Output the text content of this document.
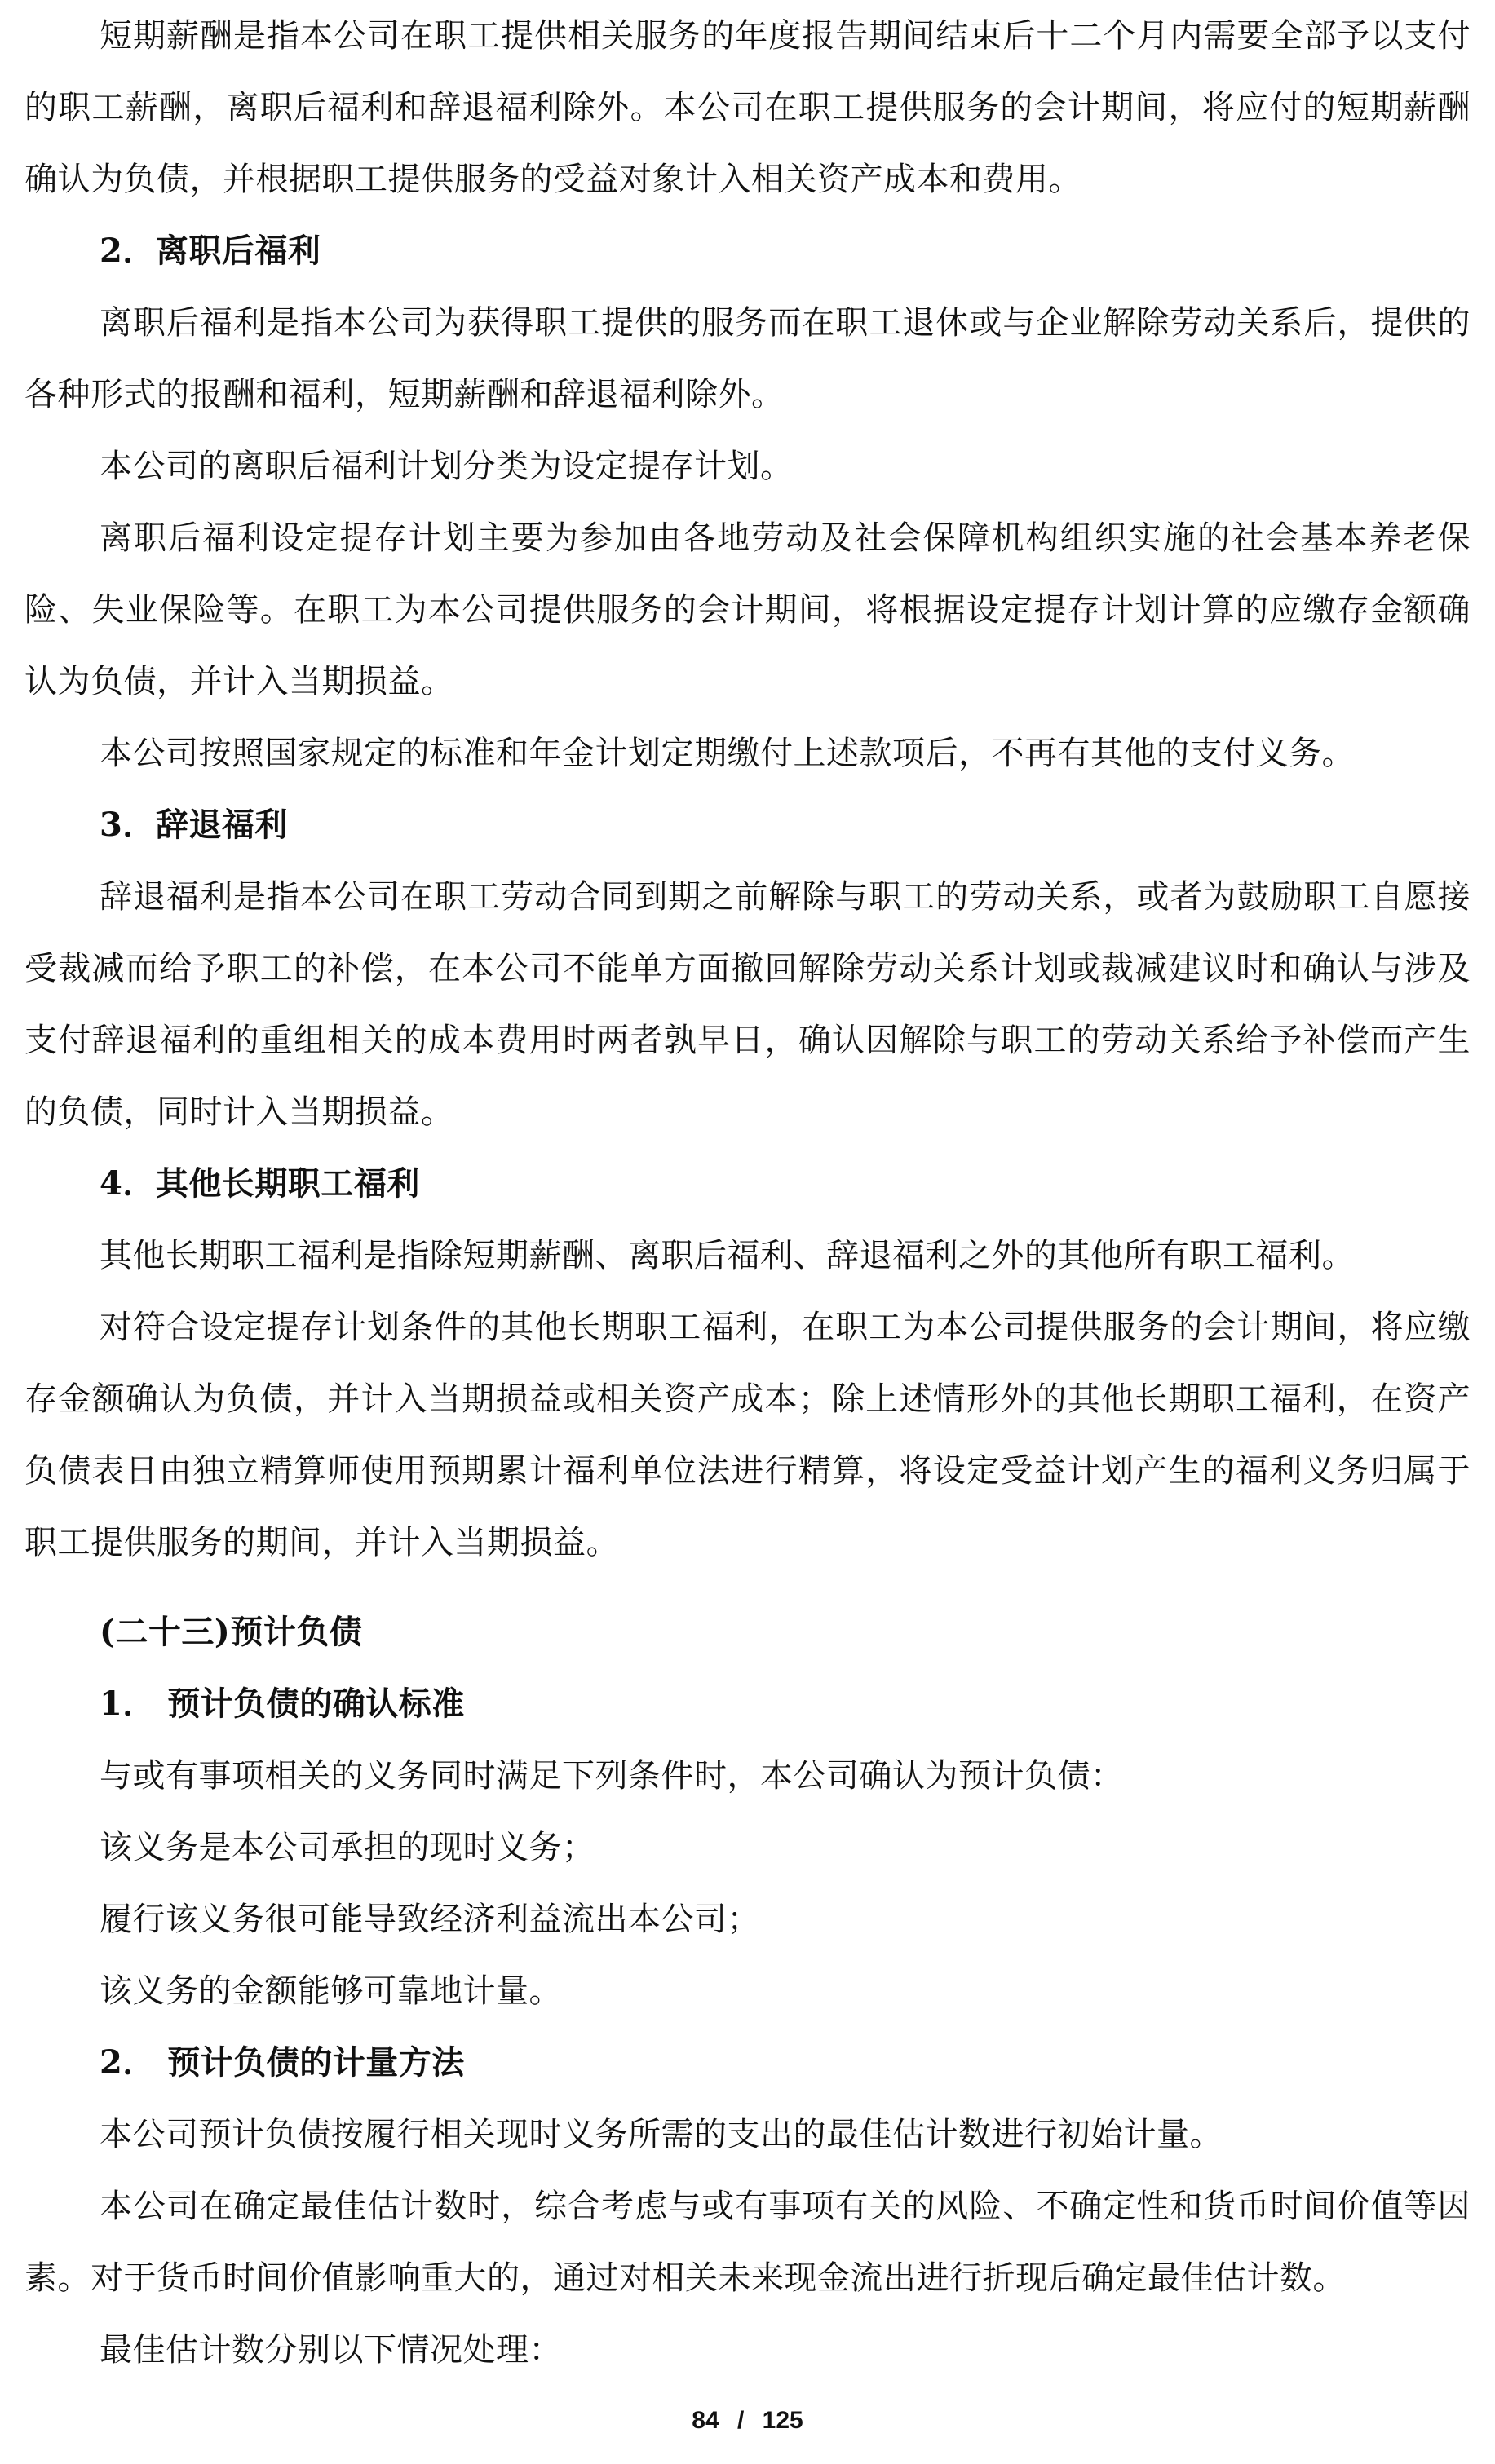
短期薪酬是指本公司在职工提供相关服务的年度报告期间结束后十二个月内需要全部予以支付的职工薪酬，离职后福利和辞退福利除外。本公司在职工提供服务的会计期间，将应付的短期薪酬确认为负债，并根据职工提供服务的受益对象计入相关资产成本和费用。

2．离职后福利

离职后福利是指本公司为获得职工提供的服务而在职工退休或与企业解除劳动关系后，提供的各种形式的报酬和福利，短期薪酬和辞退福利除外。

本公司的离职后福利计划分类为设定提存计划。

离职后福利设定提存计划主要为参加由各地劳动及社会保障机构组织实施的社会基本养老保险、失业保险等。在职工为本公司提供服务的会计期间，将根据设定提存计划计算的应缴存金额确认为负债，并计入当期损益。

本公司按照国家规定的标准和年金计划定期缴付上述款项后，不再有其他的支付义务。

3．辞退福利

辞退福利是指本公司在职工劳动合同到期之前解除与职工的劳动关系，或者为鼓励职工自愿接受裁减而给予职工的补偿，在本公司不能单方面撤回解除劳动关系计划或裁减建议时和确认与涉及支付辞退福利的重组相关的成本费用时两者孰早日，确认因解除与职工的劳动关系给予补偿而产生的负债，同时计入当期损益。

4．其他长期职工福利

其他长期职工福利是指除短期薪酬、离职后福利、辞退福利之外的其他所有职工福利。

对符合设定提存计划条件的其他长期职工福利，在职工为本公司提供服务的会计期间，将应缴存金额确认为负债，并计入当期损益或相关资产成本；除上述情形外的其他长期职工福利，在资产负债表日由独立精算师使用预期累计福利单位法进行精算，将设定受益计划产生的福利义务归属于职工提供服务的期间，并计入当期损益。

(二十三)预计负债

1． 预计负债的确认标准

与或有事项相关的义务同时满足下列条件时，本公司确认为预计负债：

该义务是本公司承担的现时义务；

履行该义务很可能导致经济利益流出本公司；

该义务的金额能够可靠地计量。

2． 预计负债的计量方法

本公司预计负债按履行相关现时义务所需的支出的最佳估计数进行初始计量。

本公司在确定最佳估计数时，综合考虑与或有事项有关的风险、不确定性和货币时间价值等因素。对于货币时间价值影响重大的，通过对相关未来现金流出进行折现后确定最佳估计数。

最佳估计数分别以下情况处理：

84 / 125
